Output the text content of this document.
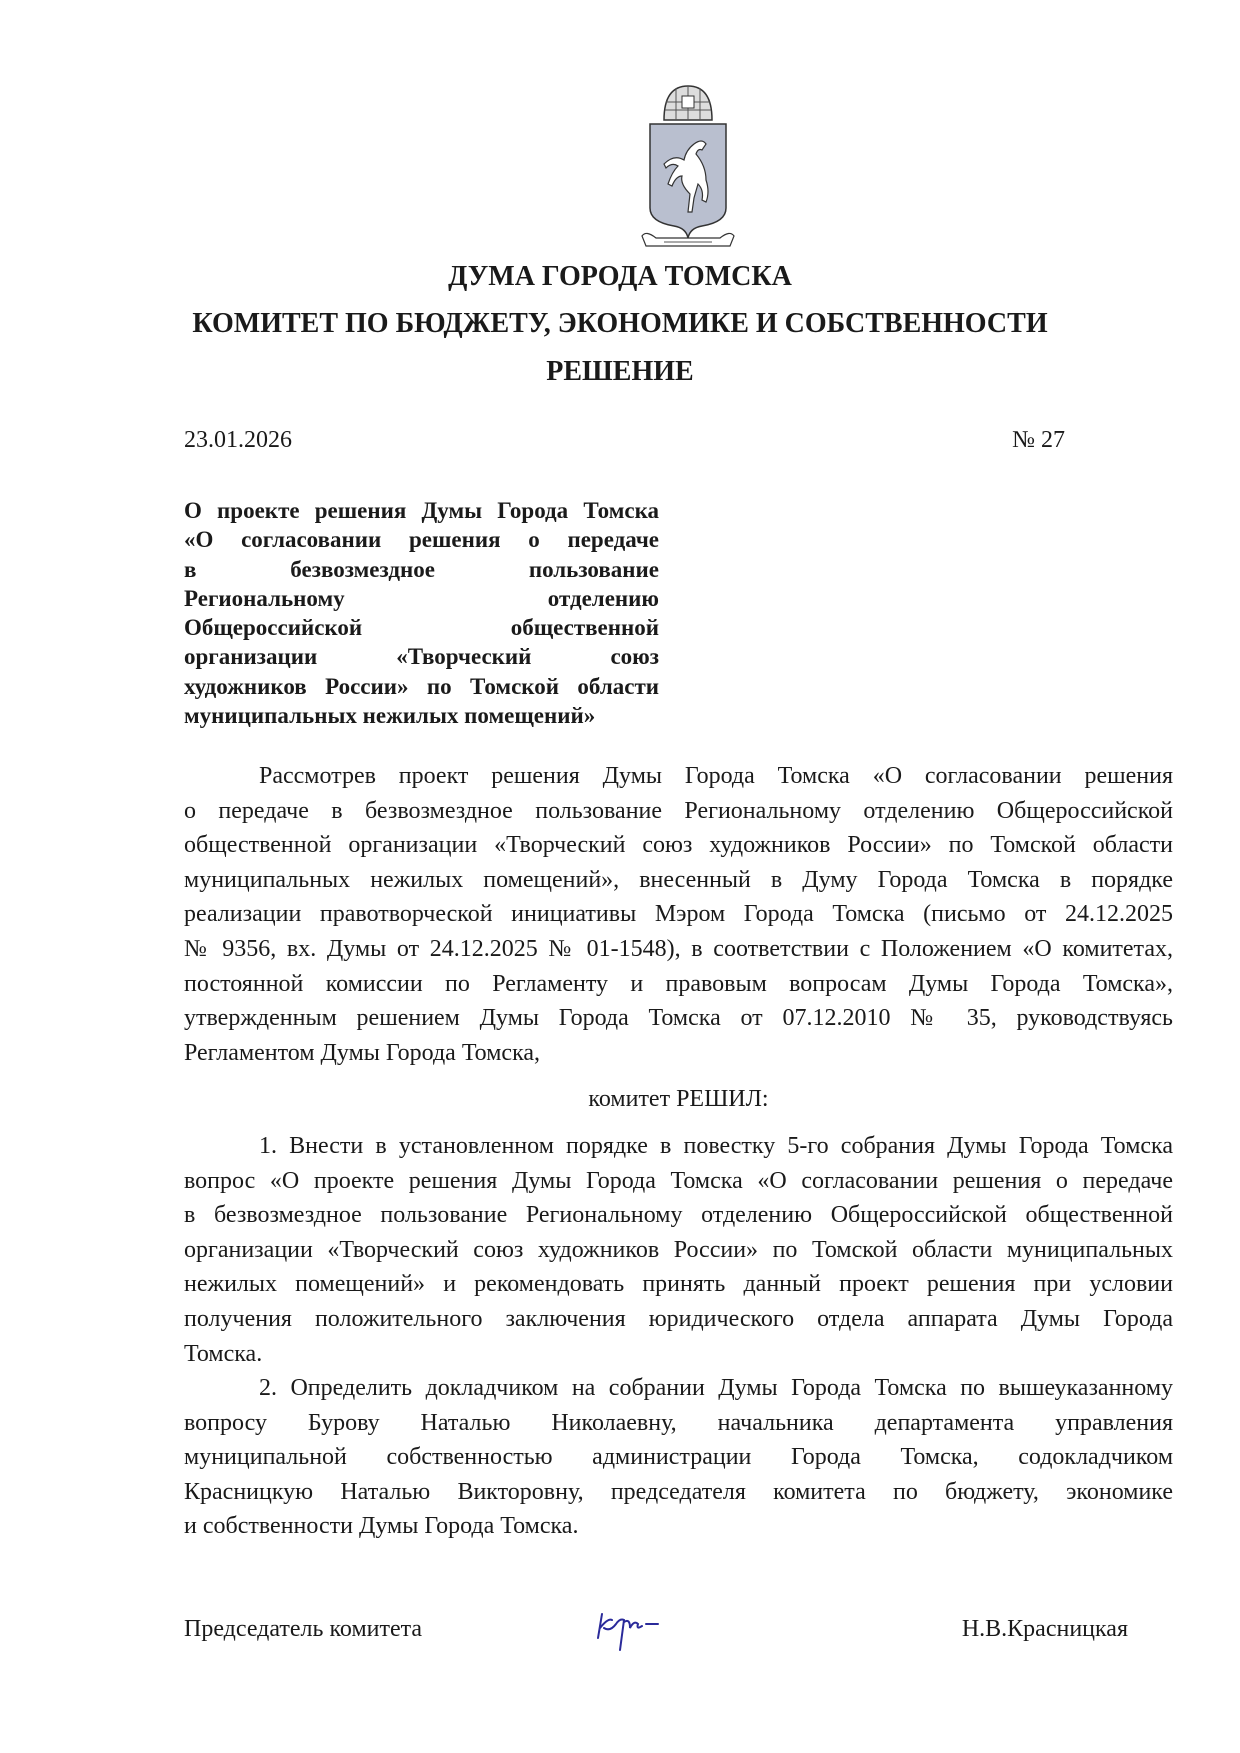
ДУМА ГОРОДА ТОМСКА
КОМИТЕТ ПО БЮДЖЕТУ, ЭКОНОМИКЕ И СОБСТВЕННОСТИ
РЕШЕНИЕ
23.01.2026	№ 27
О проекте решения Думы Города Томска
«О согласовании решения о передаче
в безвозмездное пользование
Региональному отделению
Общероссийской общественной
организации «Творческий союз
художников России» по Томской области
муниципальных нежилых помещений»
Рассмотрев проект решения Думы Города Томска «О согласовании решения
о передаче в безвозмездное пользование Региональному отделению Общероссийской
общественной организации «Творческий союз художников России» по Томской области
муниципальных нежилых помещений», внесенный в Думу Города Томска в порядке
реализации правотворческой инициативы Мэром Города Томска (письмо от 24.12.2025
№ 9356, вх. Думы от 24.12.2025 № 01-1548), в соответствии с Положением «О комитетах,
постоянной комиссии по Регламенту и правовым вопросам Думы Города Томска»,
утвержденным решением Думы Города Томска от 07.12.2010 № 35, руководствуясь
Регламентом Думы Города Томска,
комитет РЕШИЛ:
1. Внести в установленном порядке в повестку 5-го собрания Думы Города Томска
вопрос «О проекте решения Думы Города Томска «О согласовании решения о передаче
в безвозмездное пользование Региональному отделению Общероссийской общественной
организации «Творческий союз художников России» по Томской области муниципальных
нежилых помещений» и рекомендовать принять данный проект решения при условии
получения положительного заключения юридического отдела аппарата Думы Города
Томска.
2. Определить докладчиком на собрании Думы Города Томска по вышеуказанному
вопросу Бурову Наталью Николаевну, начальника департамента управления
муниципальной собственностью администрации Города Томска, содокладчиком
Красницкую Наталью Викторовну, председателя комитета по бюджету, экономике
и собственности Думы Города Томска.
Председатель комитета	Н.В.Красницкая
